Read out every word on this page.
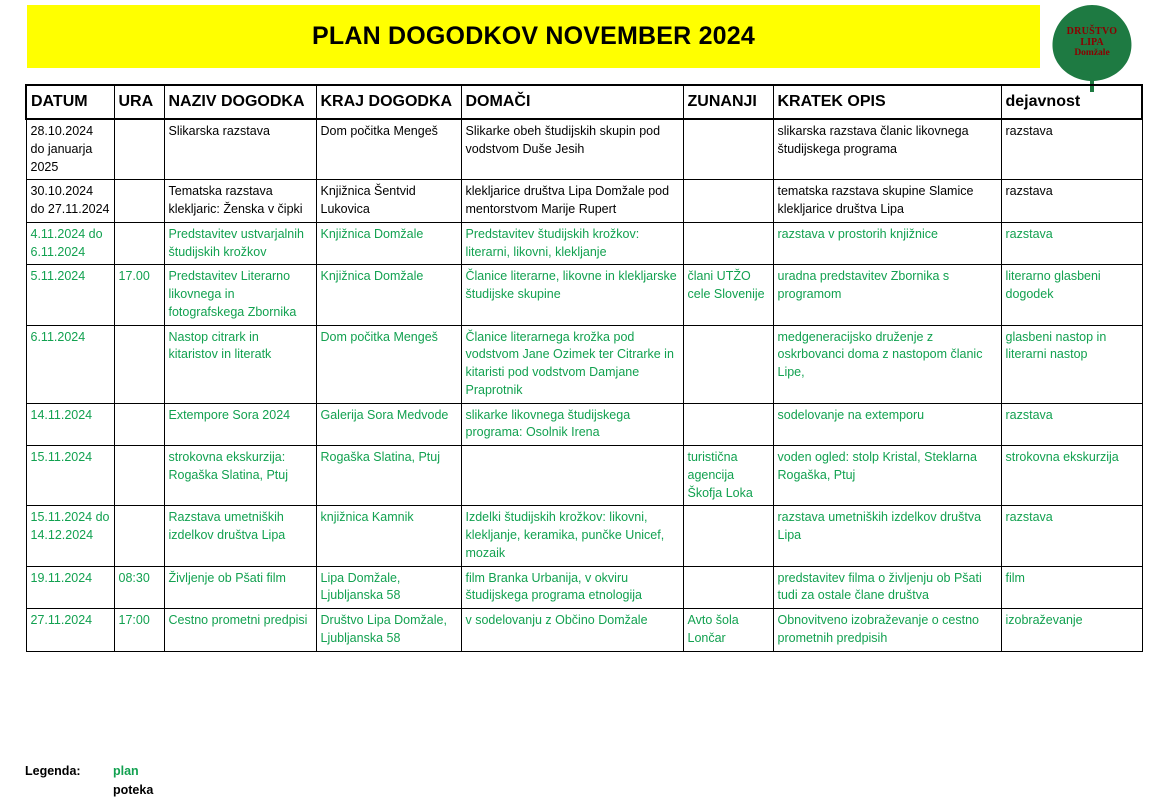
PLAN DOGODKOV NOVEMBER 2024	DRUŠTVO
LIPA
Domžale
DATUM	URA	NAZIV DOGODKA	KRAJ DOGODKA	DOMAČI	ZUNANJI	KRATEK OPIS	dejavnost
28.10.2024 do januarja 2025		Slikarska razstava	Dom počitka Mengeš	Slikarke obeh študijskih skupin pod vodstvom Duše Jesih		slikarska razstava članic likovnega študijskega programa	razstava
30.10.2024 do 27.11.2024		Tematska razstava klekljaric: Ženska v čipki	Knjižnica Šentvid Lukovica	klekljarice društva Lipa Domžale pod mentorstvom Marije Rupert		tematska razstava skupine Slamice klekljarice društva Lipa	razstava
4.11.2024 do 6.11.2024		Predstavitev ustvarjalnih študijskih krožkov	Knjižnica Domžale	Predstavitev študijskih krožkov: literarni, likovni, klekljanje		razstava v prostorih knjižnice	razstava
5.11.2024	17.00	Predstavitev Literarno likovnega in fotografskega Zbornika	Knjižnica Domžale	Članice literarne, likovne in klekljarske študijske skupine	člani UTŽO cele Slovenije	uradna predstavitev Zbornika s programom	literarno glasbeni dogodek
6.11.2024		Nastop citrark in kitaristov in literatk	Dom počitka Mengeš	Članice literarnega krožka pod vodstvom Jane Ozimek ter Citrarke in kitaristi pod vodstvom Damjane Praprotnik		medgeneracijsko druženje z oskrbovanci doma z nastopom članic Lipe,	glasbeni nastop in literarni nastop
14.11.2024		Extempore Sora 2024	Galerija Sora Medvode	slikarke likovnega študijskega programa: Osolnik Irena		sodelovanje na extemporu	razstava
15.11.2024		strokovna ekskurzija: Rogaška Slatina, Ptuj	Rogaška Slatina, Ptuj		turistična agencija Škofja Loka	voden ogled: stolp Kristal, Steklarna Rogaška, Ptuj	strokovna ekskurzija
15.11.2024 do 14.12.2024		Razstava umetniških izdelkov društva Lipa	knjižnica Kamnik	Izdelki študijskih krožkov: likovni, klekljanje, keramika, punčke Unicef, mozaik		razstava umetniških izdelkov društva Lipa	razstava
19.11.2024	08:30	Življenje ob Pšati film	Lipa Domžale, Ljubljanska 58	film Branka Urbanija, v okviru študijskega programa etnologija		predstavitev filma o življenju ob Pšati tudi za ostale člane društva	film
27.11.2024	17:00	Cestno prometni predpisi	Društvo Lipa Domžale, Ljubljanska 58	v sodelovanju z Občino Domžale	Avto šola Lončar	Obnovitveno izobraževanje o cestno prometnih predpisih	izobraževanje
Legenda:	plan
poteka
